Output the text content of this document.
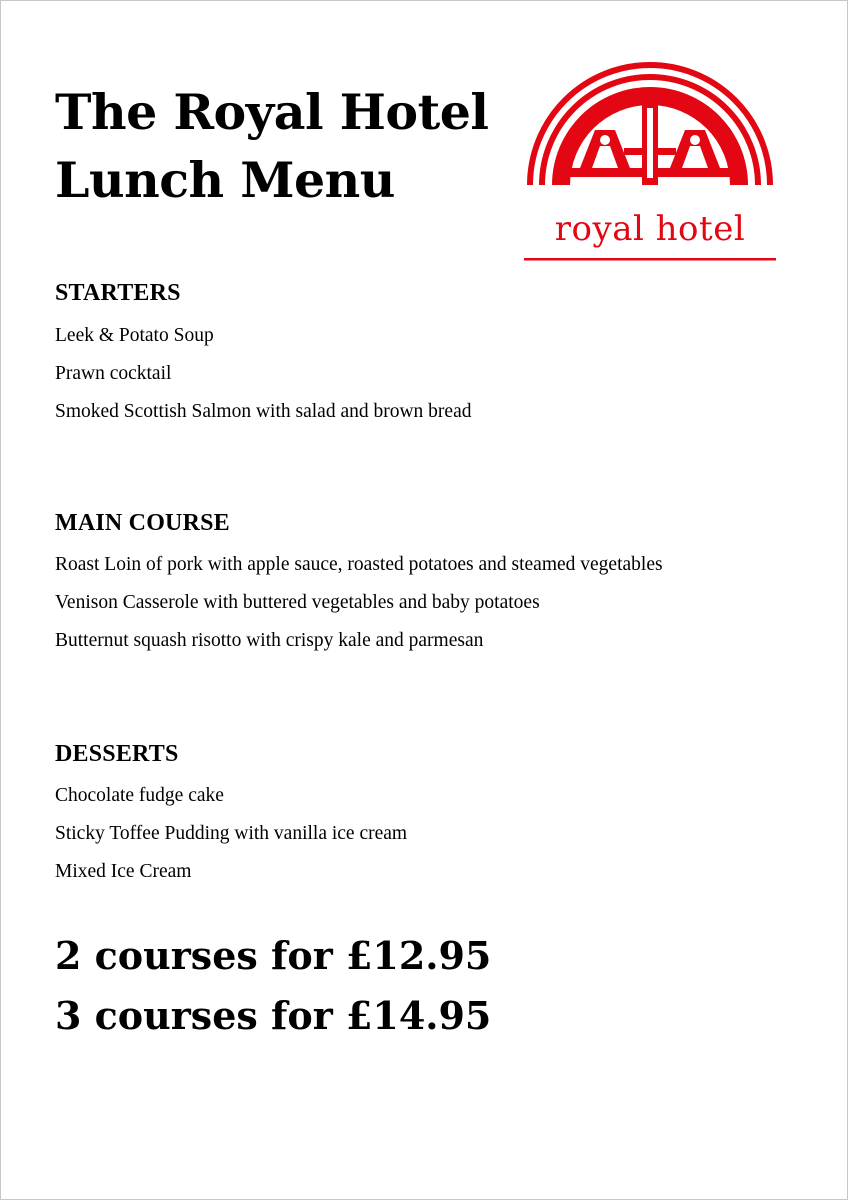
The Royal Hotel
Lunch Menu
royal hotel
STARTERS
Leek & Potato Soup
Prawn cocktail
Smoked Scottish Salmon with salad and brown bread
MAIN COURSE
Roast Loin of pork with apple sauce, roasted potatoes and steamed vegetables
Venison Casserole with buttered vegetables and baby potatoes
Butternut squash risotto with crispy kale and parmesan
DESSERTS
Chocolate fudge cake
Sticky Toffee Pudding with vanilla ice cream
Mixed Ice Cream
2 courses for £12.95
3 courses for £14.95
